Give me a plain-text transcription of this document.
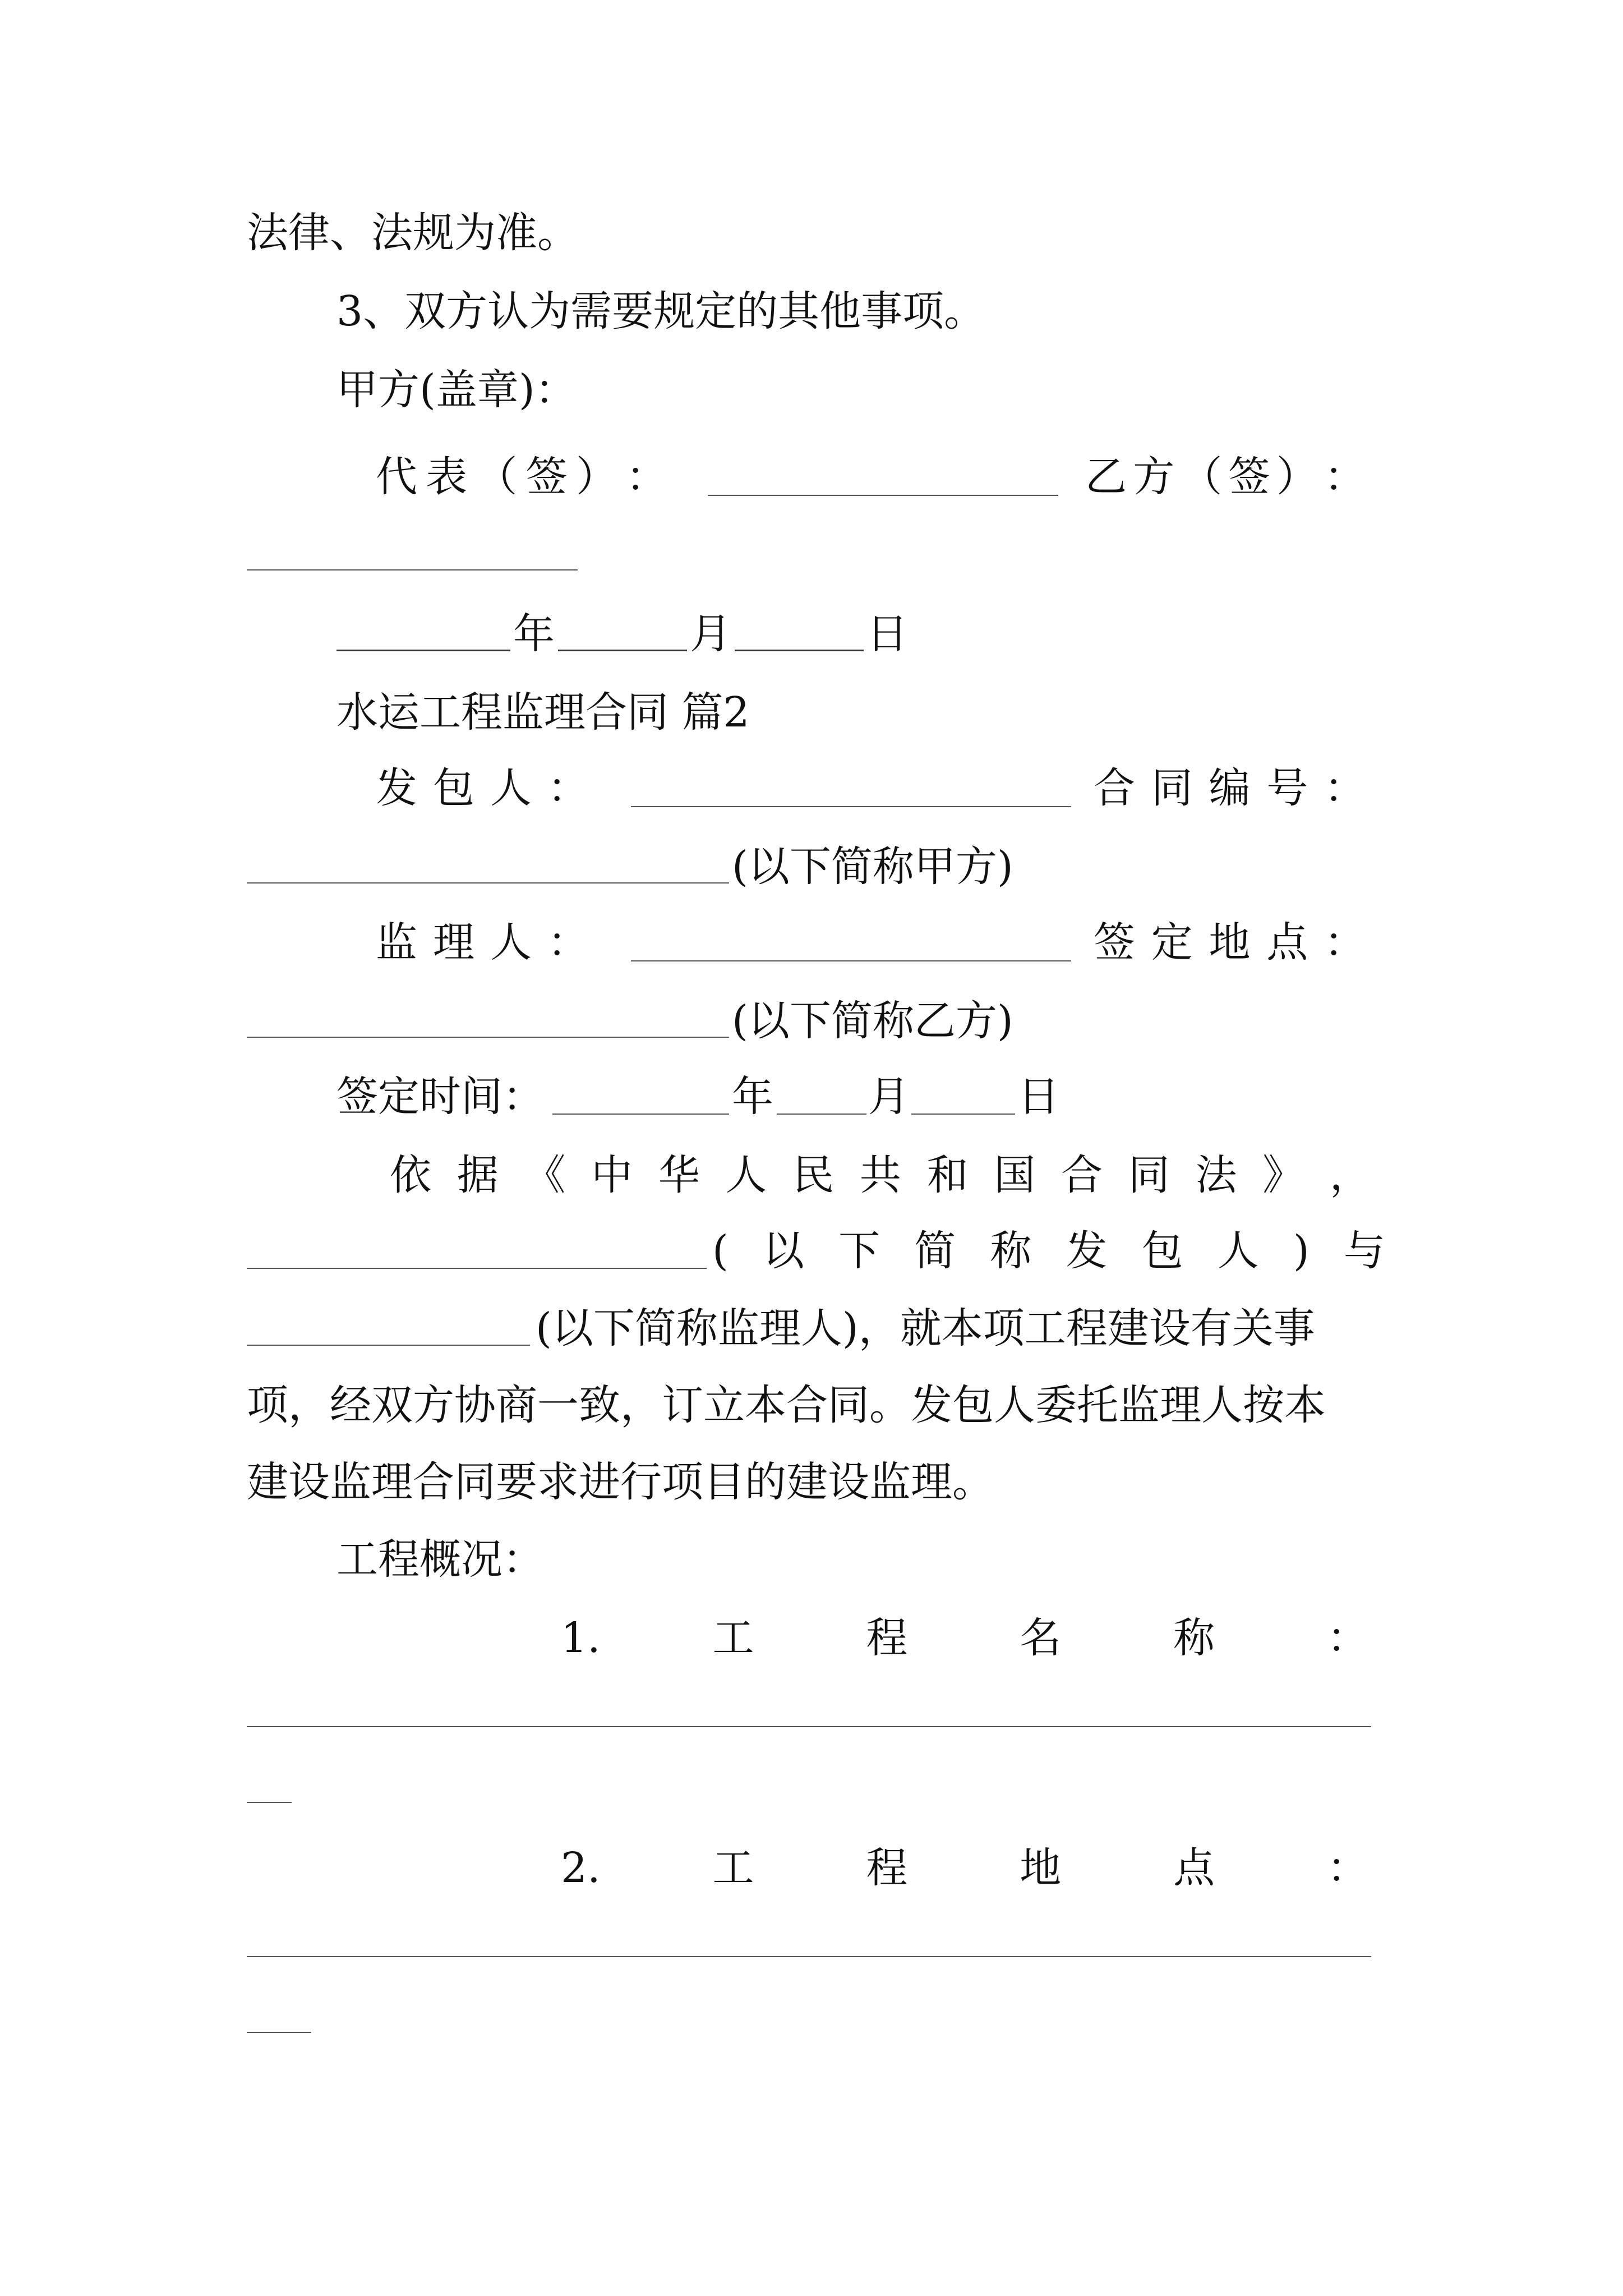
法律、法规为准。
3、双方认为需要规定的其他事项。
甲方(盖章)：
代 表 （ 签 ） ：	乙 方 （ 签 ） ：
年	月	日
水运工程监理合同 篇2
发 包 人 ：	合 同 编 号 ：
(以下简称甲方)
监 理 人 ：	签 定 地 点 ：
(以下简称乙方)
签定时间：	年 月	日
依 据 《 中 华 人 民 共 和 国 合 同 法 》 ，
( 以 下 简 称 发 包 人 ) 与
(以下简称监理人)，就本项工程建设有关事
项，经双方协商一致，订立本合同。发包人委托监理人按本
建设监理合同要求进行项目的建设监理。
工程概况：
1.	工	程	名	称	：
2.	工	程	地	点	：
